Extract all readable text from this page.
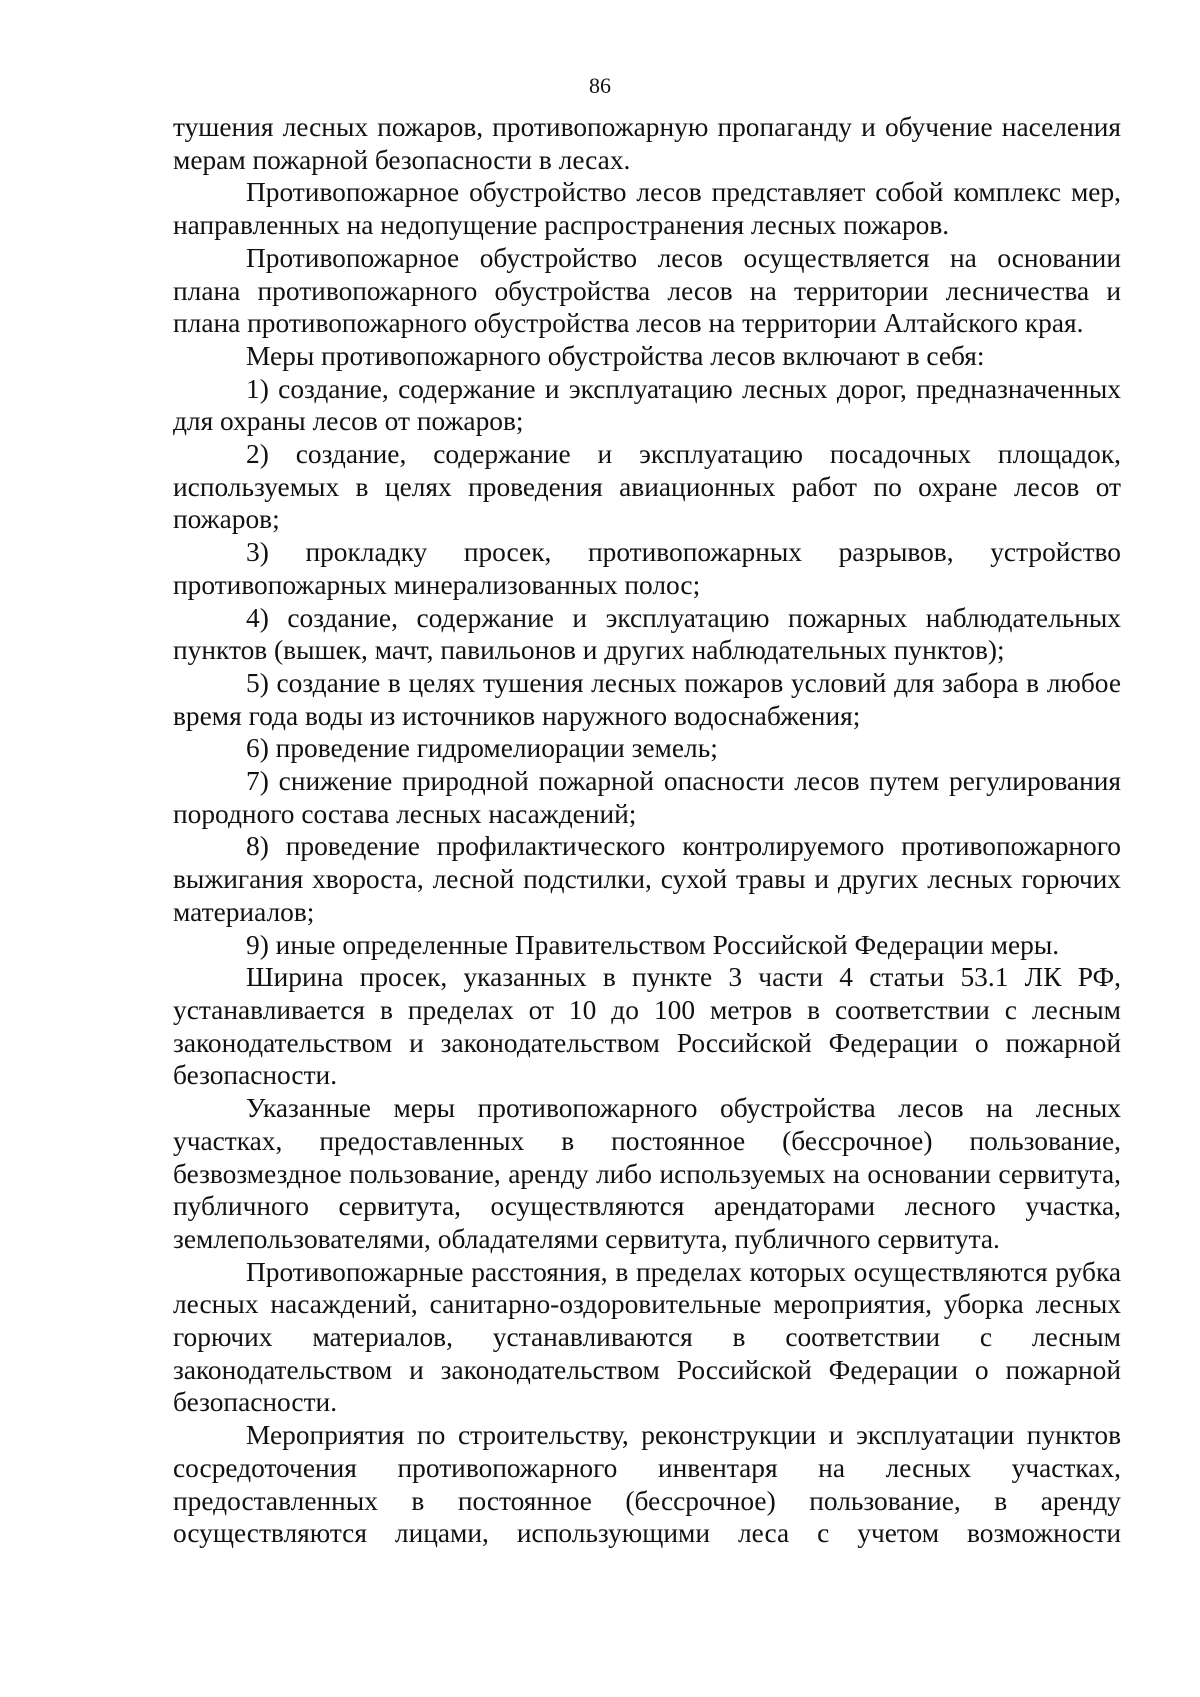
86

тушения лесных пожаров, противопожарную пропаганду и обучение населения мерам пожарной безопасности в лесах.

Противопожарное обустройство лесов представляет собой комплекс мер, направленных на недопущение распространения лесных пожаров.

Противопожарное обустройство лесов осуществляется на основании плана противопожарного обустройства лесов на территории лесничества и плана противопожарного обустройства лесов на территории Алтайского края.

Меры противопожарного обустройства лесов включают в себя:

1) создание, содержание и эксплуатацию лесных дорог, предназначенных для охраны лесов от пожаров;

2) создание, содержание и эксплуатацию посадочных площадок, используемых в целях проведения авиационных работ по охране лесов от пожаров;

3) прокладку просек, противопожарных разрывов, устройство противопожарных минерализованных полос;

4) создание, содержание и эксплуатацию пожарных наблюдательных пунктов (вышек, мачт, павильонов и других наблюдательных пунктов);

5) создание в целях тушения лесных пожаров условий для забора в любое время года воды из источников наружного водоснабжения;

6) проведение гидромелиорации земель;

7) снижение природной пожарной опасности лесов путем регулирования породного состава лесных насаждений;

8) проведение профилактического контролируемого противопожарного выжигания хвороста, лесной подстилки, сухой травы и других лесных горючих материалов;

9) иные определенные Правительством Российской Федерации меры.

Ширина просек, указанных в пункте 3 части 4 статьи 53.1 ЛК РФ, устанавливается в пределах от 10 до 100 метров в соответствии с лесным законодательством и законодательством Российской Федерации о пожарной безопасности.

Указанные меры противопожарного обустройства лесов на лесных участках, предоставленных в постоянное (бессрочное) пользование, безвозмездное пользование, аренду либо используемых на основании сервитута, публичного сервитута, осуществляются арендаторами лесного участка, землепользователями, обладателями сервитута, публичного сервитута.

Противопожарные расстояния, в пределах которых осуществляются рубка лесных насаждений, санитарно-оздоровительные мероприятия, уборка лесных горючих материалов, устанавливаются в соответствии с лесным законодательством и законодательством Российской Федерации о пожарной безопасности.

Мероприятия по строительству, реконструкции и эксплуатации пунктов сосредоточения противопожарного инвентаря на лесных участках, предоставленных в постоянное (бессрочное) пользование, в аренду осуществляются лицами, использующими леса с учетом возможности
